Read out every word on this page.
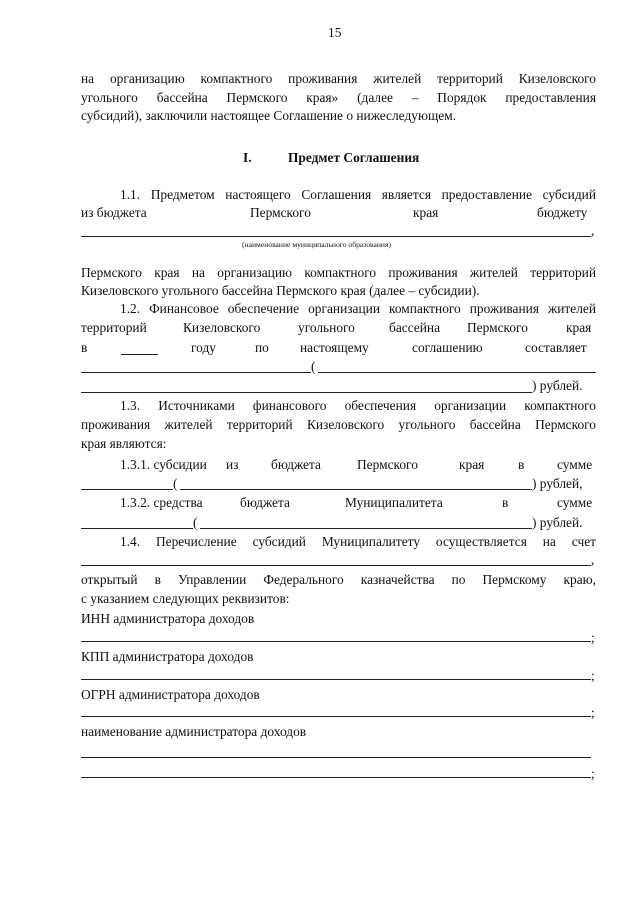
15
на организацию компактного проживания жителей территорий Кизеловского
угольного бассейна Пермского края» (далее – Порядок предоставления
субсидий), заключили настоящее Соглашение о нижеследующем.
I.	Предмет Соглашения
1.1. Предметом настоящего Соглашения является предоставление субсидий
из бюджета	Пермского	края	бюджету
,
(наименование муниципального образования)
Пермского края на организацию компактного проживания жителей территорий
Кизеловского угольного бассейна Пермского края (далее – субсидии).
1.2. Финансовое обеспечение организации компактного проживания жителей
территорий	Кизеловского	угольного	бассейна Пермского	края
в	году	по настоящему	соглашению	составляет
(
) рублей.
1.3. Источниками финансового обеспечения организации компактного
проживания жителей территорий Кизеловского угольного бассейна Пермского
края являются:
1.3.1. субсидии из бюджета	Пермского	края	в сумме
(	) рублей,
1.3.2. средства	бюджета	Муниципалитета	в	сумме
(	) рублей.
1.4. Перечисление субсидий Муниципалитету осуществляется на счет
,
открытый в Управлении Федерального казначейства по Пермскому краю,
с указанием следующих реквизитов:
ИНН администратора доходов
;
КПП администратора доходов
;
ОГРН администратора доходов
;
наименование администратора доходов
;
